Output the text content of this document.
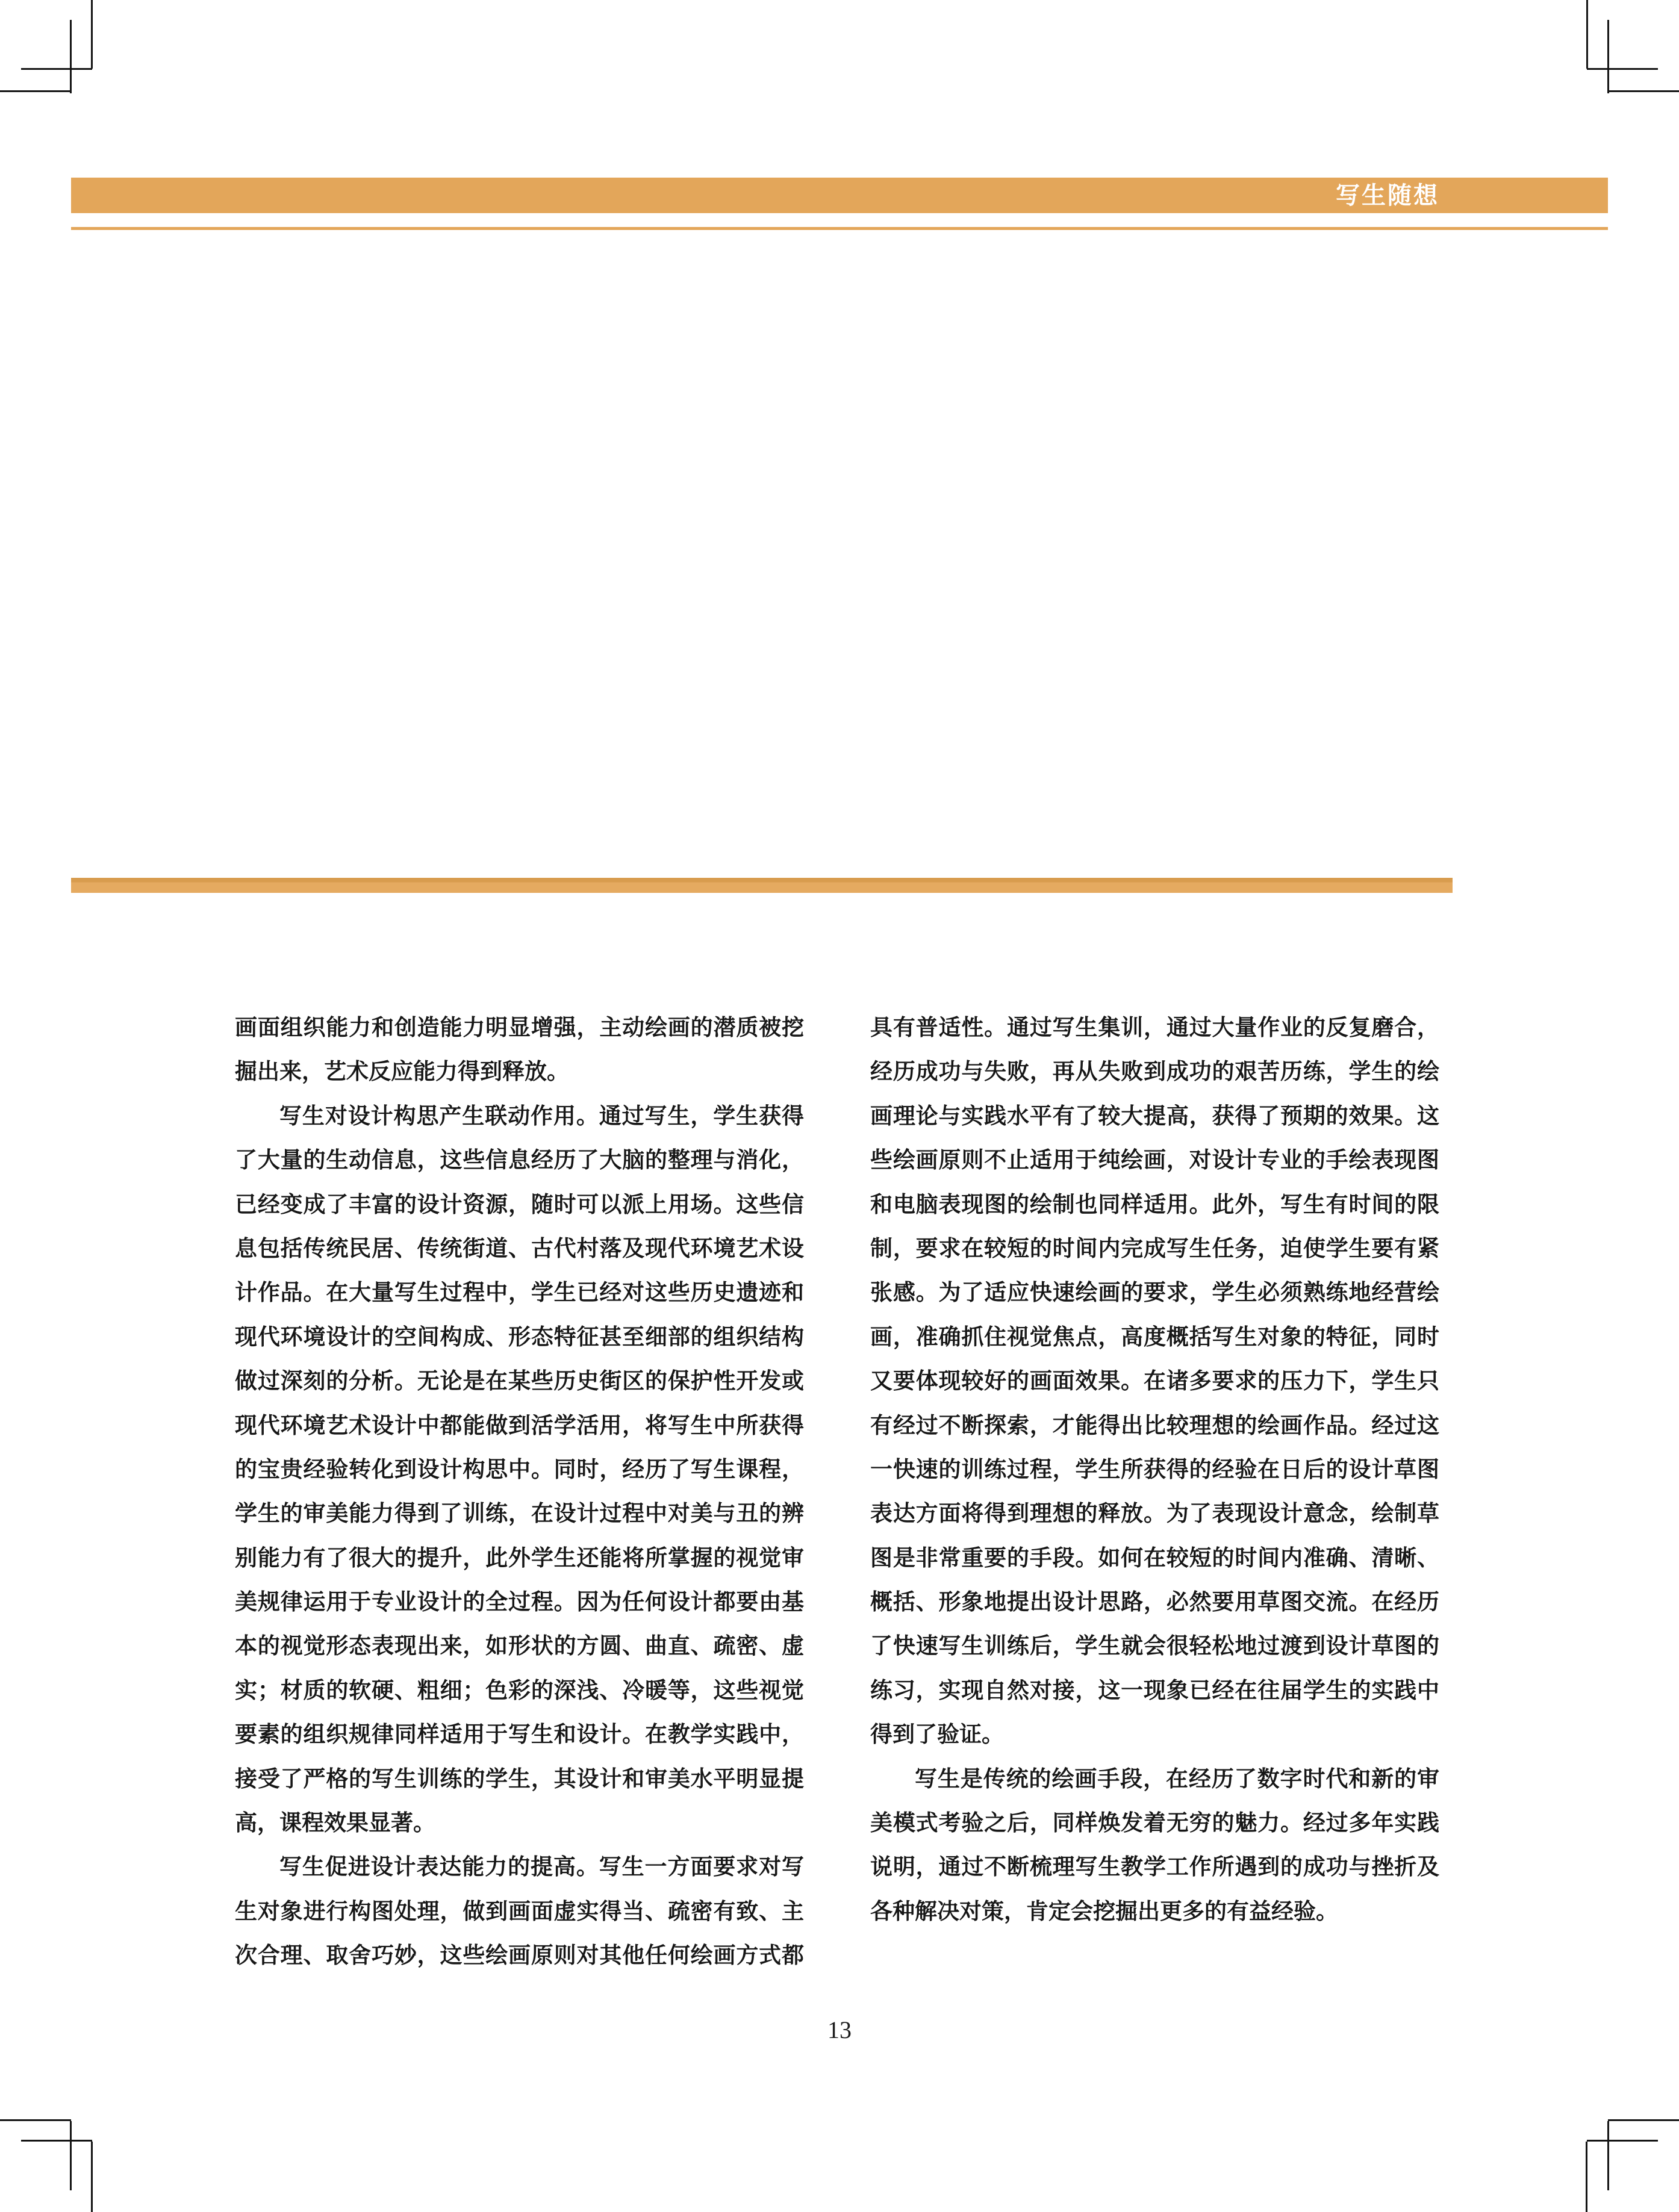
写生随想
画面组织能力和创造能力明显增强，主动绘画的潜质被挖
掘出来，艺术反应能力得到释放。
写生对设计构思产生联动作用。通过写生，学生获得
了大量的生动信息，这些信息经历了大脑的整理与消化，
已经变成了丰富的设计资源，随时可以派上用场。这些信
息包括传统民居、传统街道、古代村落及现代环境艺术设
计作品。在大量写生过程中，学生已经对这些历史遗迹和
现代环境设计的空间构成、形态特征甚至细部的组织结构
做过深刻的分析。无论是在某些历史街区的保护性开发或
现代环境艺术设计中都能做到活学活用，将写生中所获得
的宝贵经验转化到设计构思中。同时，经历了写生课程，
学生的审美能力得到了训练，在设计过程中对美与丑的辨
别能力有了很大的提升，此外学生还能将所掌握的视觉审
美规律运用于专业设计的全过程。因为任何设计都要由基
本的视觉形态表现出来，如形状的方圆、曲直、疏密、虚
实；材质的软硬、粗细；色彩的深浅、冷暖等，这些视觉
要素的组织规律同样适用于写生和设计。在教学实践中，
接受了严格的写生训练的学生，其设计和审美水平明显提
高，课程效果显著。
写生促进设计表达能力的提高。写生一方面要求对写
生对象进行构图处理，做到画面虚实得当、疏密有致、主
次合理、取舍巧妙，这些绘画原则对其他任何绘画方式都
具有普适性。通过写生集训，通过大量作业的反复磨合，
经历成功与失败，再从失败到成功的艰苦历练，学生的绘
画理论与实践水平有了较大提高，获得了预期的效果。这
些绘画原则不止适用于纯绘画，对设计专业的手绘表现图
和电脑表现图的绘制也同样适用。此外，写生有时间的限
制，要求在较短的时间内完成写生任务，迫使学生要有紧
张感。为了适应快速绘画的要求，学生必须熟练地经营绘
画，准确抓住视觉焦点，高度概括写生对象的特征，同时
又要体现较好的画面效果。在诸多要求的压力下，学生只
有经过不断探索，才能得出比较理想的绘画作品。经过这
一快速的训练过程，学生所获得的经验在日后的设计草图
表达方面将得到理想的释放。为了表现设计意念，绘制草
图是非常重要的手段。如何在较短的时间内准确、清晰、
概括、形象地提出设计思路，必然要用草图交流。在经历
了快速写生训练后，学生就会很轻松地过渡到设计草图的
练习，实现自然对接，这一现象已经在往届学生的实践中
得到了验证。
写生是传统的绘画手段，在经历了数字时代和新的审
美模式考验之后，同样焕发着无穷的魅力。经过多年实践
说明，通过不断梳理写生教学工作所遇到的成功与挫折及
各种解决对策，肯定会挖掘出更多的有益经验。
13
